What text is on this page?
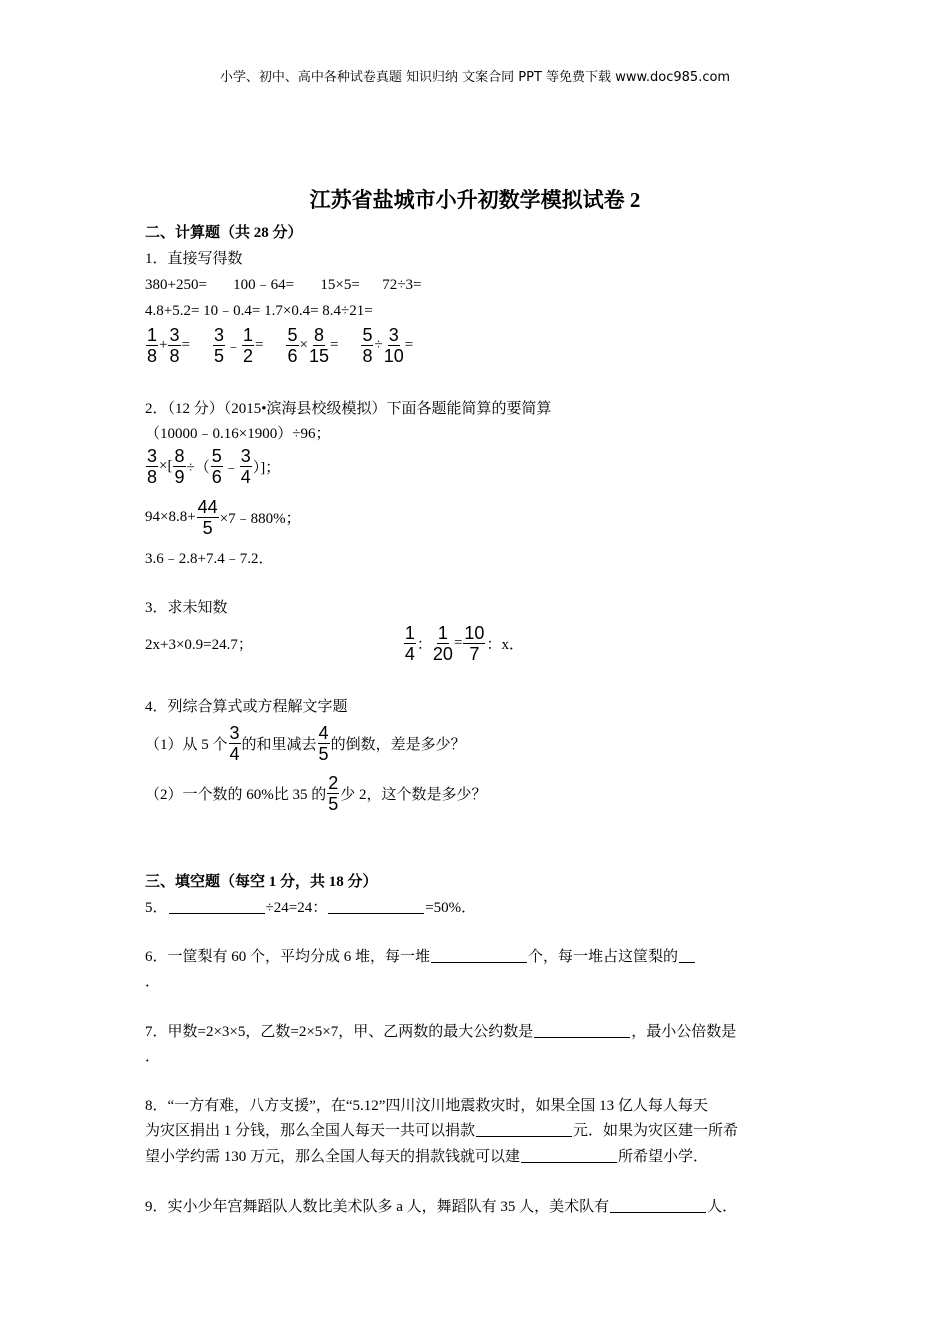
小学、初中、高中各种试卷真题 知识归纳 文案合同 PPT 等免费下载 www.doc985.com
江苏省盐城市小升初数学模拟试卷 2
二、计算题（共 28 分）
1．直接写得数
380+250=       100﹣64=       15×5=      72÷3=
4.8+5.2= 10﹣0.4= 1.7×0.4= 8.4÷21=
$\frac{1}{8} + \frac{3}{8} = \frac{3}{5}$ ﹣ $\frac{1}{2} = \frac{5}{6} \times \frac{8}{15} = \frac{5}{8} \div \frac{3}{10}$ =
2．（12 分）（2015•滨海县校级模拟）下面各题能简算的要简算
（10000﹣0.16×1900）÷96；
$\frac{3}{8}$ ×[ $\frac{8}{9}$ ÷（ $\frac{5}{6}$ ﹣ $\frac{3}{4}$ ）]；
$94\times 8.8+ \frac{44}{5}$ ×7﹣880%；
3.6﹣2.8+7.4﹣7.2．
3．求未知数
2x+3×0.9=24.7；	$\frac{1}{4}$ ： $\frac{1}{20} = \frac{10}{7}$ ：x．
4．列综合算式或方程解文字题
（1）从 5 个 $\frac{3}{4}$ 的和里减去 $\frac{4}{5}$ 的倒数，差是多少？
（2）一个数的 60%比 35 的 $\frac{2}{5}$ 少 2，这个数是多少？
三、填空题（每空 1 分，共 18 分）
5．	÷24=24：	=50%．
6．一筐梨有 60 个，平均分成 6 堆，每一堆	个，每一堆占这筐梨的
．
7．甲数=2×3×5，乙数=2×5×7，甲、乙两数的最大公约数是	，最小公倍数是
．
8．“一方有难，八方支援”，在“5.12”四川汶川地震救灾时，如果全国 13 亿人每人每天
为灾区捐出 1 分钱，那么全国人每天一共可以捐款	元．如果为灾区建一所希
望小学约需 130 万元，那么全国人每天的捐款钱就可以建	所希望小学．
9．实小少年宫舞蹈队人数比美术队多 a 人，舞蹈队有 35 人，美术队有	人．
